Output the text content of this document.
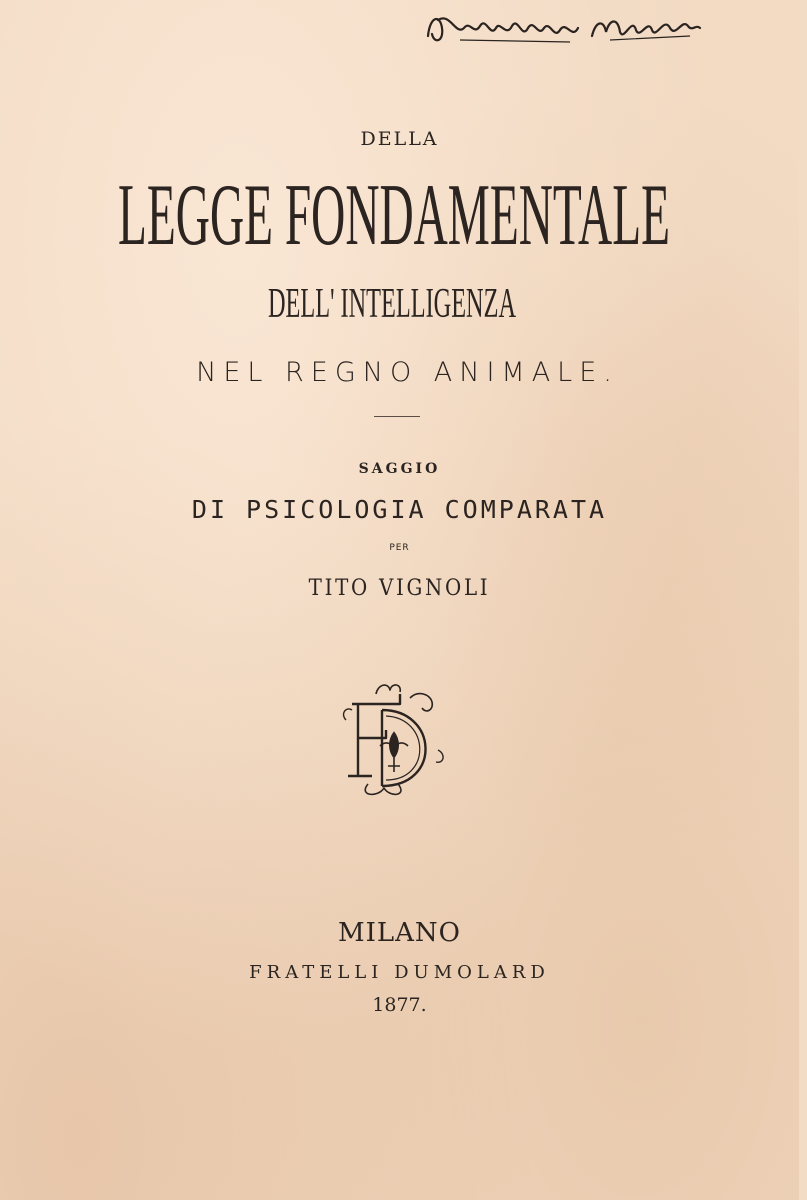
DELLA
LEGGE FONDAMENTALE
DELL' INTELLIGENZA
NEL REGNO ANIMALE.
SAGGIO
DI PSICOLOGIA COMPARATA
PER
TITO VIGNOLI
MILANO
FRATELLI DUMOLARD
1877.
